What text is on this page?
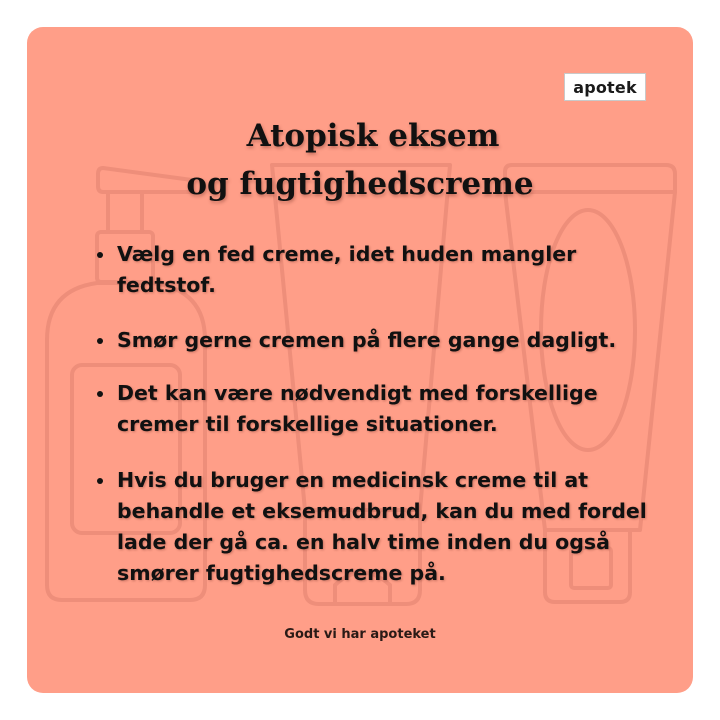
apotek
Atopisk eksem
og fugtighedscreme
Vælg en fed creme, idet huden mangler fedtstof.
Smør gerne cremen på flere gange dagligt.
Det kan være nødvendigt med forskellige cremer til forskellige situationer.
Hvis du bruger en medicinsk creme til at behandle et eksemudbrud, kan du med fordel lade der gå ca. en halv time inden du også smører fugtighedscreme på.
Godt vi har apoteket
